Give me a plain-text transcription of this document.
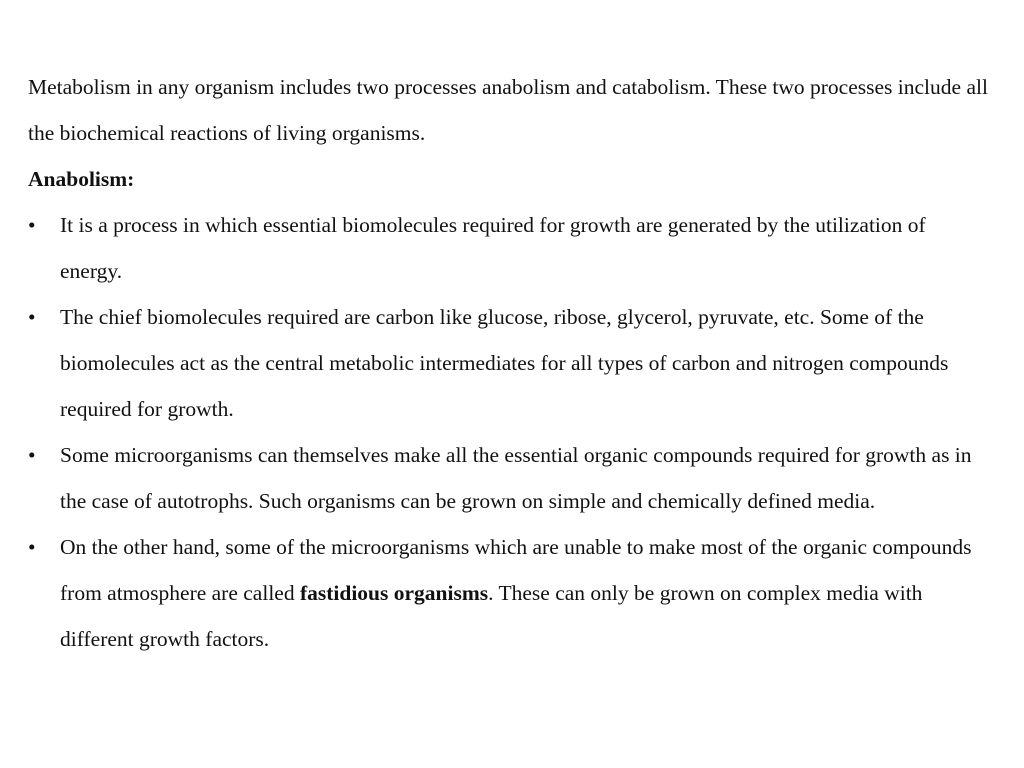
Metabolism in any organism includes two processes anabolism and catabolism. These two processes include all the biochemical reactions of living organisms.

Anabolism:

•	It is a process in which essential biomolecules required for growth are generated by the utilization of energy.
•	The chief biomolecules required are carbon like glucose, ribose, glycerol, pyruvate, etc. Some of the biomolecules act as the central metabolic intermediates for all types of carbon and nitrogen compounds required for growth.
•	Some microorganisms can themselves make all the essential organic compounds required for growth as in the case of autotrophs. Such organisms can be grown on simple and chemically defined media.
•	On the other hand, some of the microorganisms which are unable to make most of the organic compounds from atmosphere are called fastidious organisms. These can only be grown on complex media with different growth factors.
